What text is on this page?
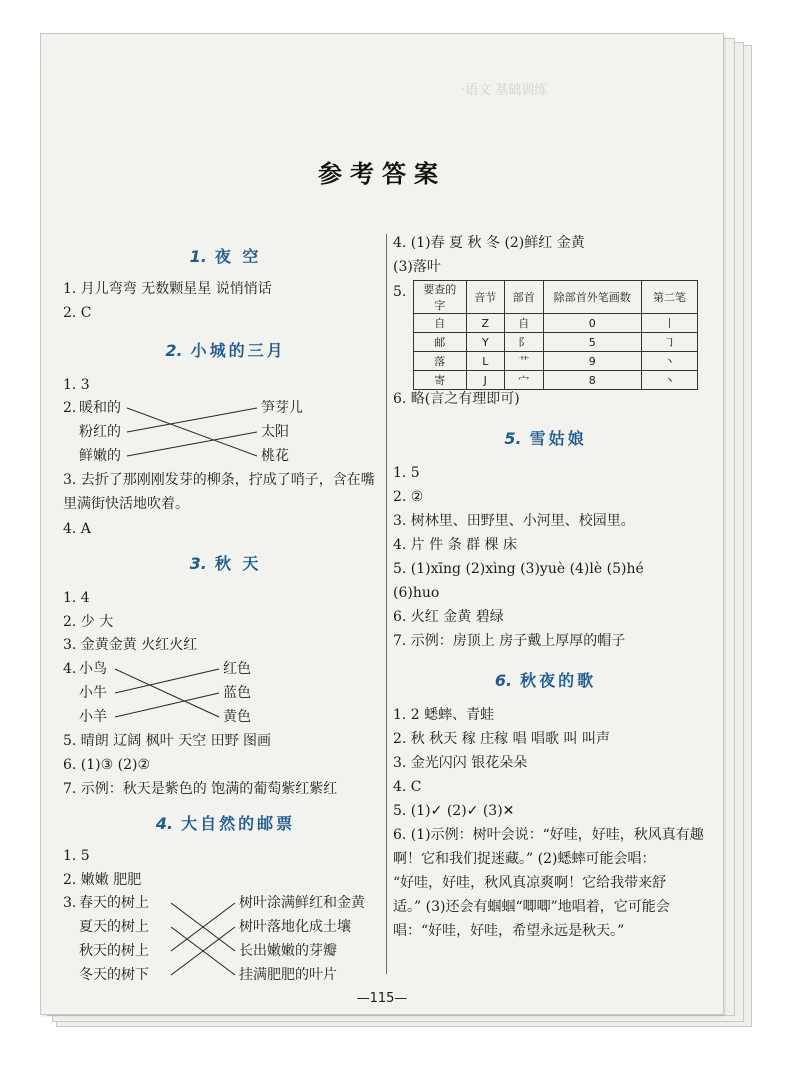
·语文 基础训练
参考答案
1. 夜 空
1. 月儿弯弯 无数颗星星 说悄悄话
2. C
2. 小城的三月
1. 3
2. 暖和的
粉红的
鲜嫩的
笋芽儿
太阳
桃花
3. 去折了那刚刚发芽的柳条，拧成了哨子，含在嘴
里满街快活地吹着。
4. A
3. 秋 天
1. 4
2. 少 大
3. 金黄金黄 火红火红
4. 小鸟
小牛
小羊
红色
蓝色
黄色
5. 晴朗 辽阔 枫叶 天空 田野 图画
6. (1)③ (2)②
7. 示例：秋天是紫色的 饱满的葡萄紫红紫红
4. 大自然的邮票
1. 5
2. 嫩嫩 肥肥
3. 春天的树上
夏天的树上
秋天的树上
冬天的树下
树叶涂满鲜红和金黄
树叶落地化成土壤
长出嫩嫩的芽瓣
挂满肥肥的叶片
4. (1)春 夏 秋 冬 (2)鲜红 金黄
(3)落叶
5. 要查的字	音节	部首	除部首外笔画数	第二笔
自	Z	自	0	丨
邮	Y	阝	5	㇆
落	L	艹	9	丶
寄	J	宀	8	丶
6. 略(言之有理即可)
5. 雪姑娘
1. 5
2. ②
3. 树林里、田野里、小河里、校园里。
4. 片 件 条 群 棵 床
5. (1)xīng (2)xìng (3)yuè (4)lè (5)hé
(6)huo
6. 火红 金黄 碧绿
7. 示例：房顶上 房子戴上厚厚的帽子
6. 秋夜的歌
1. 2 蟋蟀、青蛙
2. 秋 秋天 稼 庄稼 唱 唱歌 叫 叫声
3. 金光闪闪 银花朵朵
4. C
5. (1)✓ (2)✓ (3)✕
6. (1)示例：树叶会说：“好哇，好哇，秋风真有趣
啊！它和我们捉迷藏。” (2)蟋蟀可能会唱：
“好哇，好哇，秋风真凉爽啊！它给我带来舒
适。” (3)还会有蝈蝈“唧唧”地唱着，它可能会
唱：“好哇，好哇，希望永远是秋天。”
—115—
